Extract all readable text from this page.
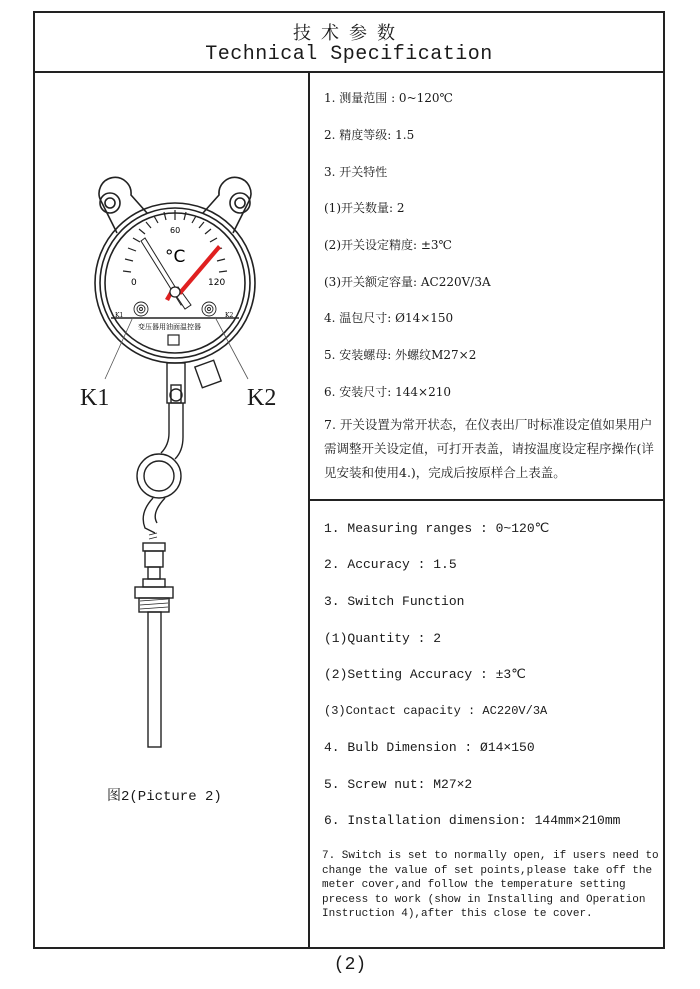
技术参数
Technical Specification
0
60
120
°C
K1	K2
变压器用油面温控器
K1	K2
图2(Picture 2)
1. 测量范围 : 0~120℃
2. 精度等级: 1.5
3. 开关特性
(1)开关数量: 2
(2)开关设定精度: ±3℃
(3)开关额定容量: AC220V/3A
4. 温包尺寸: Ø14×150
5. 安装螺母: 外螺纹M27×2
6. 安装尺寸: 144×210
7. 开关设置为常开状态，在仪表出厂时标准设定值如果用户需调整开关设定值，可打开表盖，请按温度设定程序操作(详见安装和使用4.)，完成后按原样合上表盖。
1. Measuring ranges : 0~120℃
2. Accuracy : 1.5
3. Switch Function
(1)Quantity : 2
(2)Setting Accuracy : ±3℃
(3)Contact capacity : AC220V/3A
4. Bulb Dimension : Ø14×150
5. Screw nut: M27×2
6. Installation dimension: 144mm×210mm
7. Switch is set to normally open, if users need to change the value of set points,please take off the meter cover,and follow the temperature setting precess to work (show in Installing and Operation Instruction 4),after this close te cover.
(2)
